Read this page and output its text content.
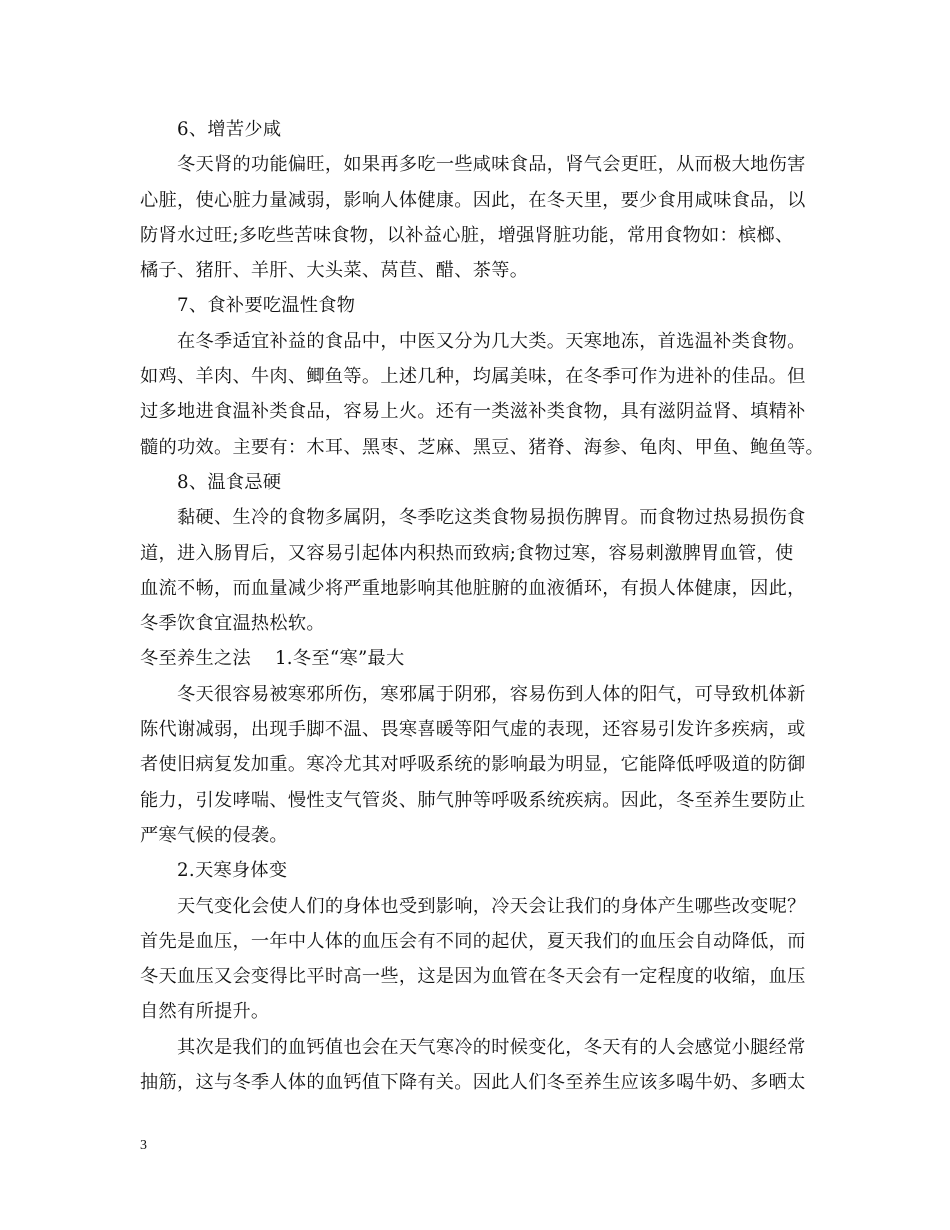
6、增苦少咸
冬天肾的功能偏旺，如果再多吃一些咸味食品，肾气会更旺，从而极大地伤害
心脏，使心脏力量减弱，影响人体健康。因此，在冬天里，要少食用咸味食品，以
防肾水过旺;多吃些苦味食物，以补益心脏，增强肾脏功能，常用食物如：槟榔、
橘子、猪肝、羊肝、大头菜、莴苣、醋、茶等。
7、食补要吃温性食物
在冬季适宜补益的食品中，中医又分为几大类。天寒地冻，首选温补类食物。
如鸡、羊肉、牛肉、鲫鱼等。上述几种，均属美味，在冬季可作为进补的佳品。但
过多地进食温补类食品，容易上火。还有一类滋补类食物，具有滋阴益肾、填精补
髓的功效。主要有：木耳、黑枣、芝麻、黑豆、猪脊、海参、龟肉、甲鱼、鲍鱼等。
8、温食忌硬
黏硬、生冷的食物多属阴，冬季吃这类食物易损伤脾胃。而食物过热易损伤食
道，进入肠胃后，又容易引起体内积热而致病;食物过寒，容易刺激脾胃血管，使
血流不畅，而血量减少将严重地影响其他脏腑的血液循环，有损人体健康，因此，
冬季饮食宜温热松软。
冬至养生之法 1.冬至“寒”最大
冬天很容易被寒邪所伤，寒邪属于阴邪，容易伤到人体的阳气，可导致机体新
陈代谢减弱，出现手脚不温、畏寒喜暖等阳气虚的表现，还容易引发许多疾病，或
者使旧病复发加重。寒冷尤其对呼吸系统的影响最为明显，它能降低呼吸道的防御
能力，引发哮喘、慢性支气管炎、肺气肿等呼吸系统疾病。因此，冬至养生要防止
严寒气候的侵袭。
2.天寒身体变
天气变化会使人们的身体也受到影响，冷天会让我们的身体产生哪些改变呢？
首先是血压，一年中人体的血压会有不同的起伏，夏天我们的血压会自动降低，而
冬天血压又会变得比平时高一些，这是因为血管在冬天会有一定程度的收缩，血压
自然有所提升。
其次是我们的血钙值也会在天气寒冷的时候变化，冬天有的人会感觉小腿经常
抽筋，这与冬季人体的血钙值下降有关。因此人们冬至养生应该多喝牛奶、多晒太
3
